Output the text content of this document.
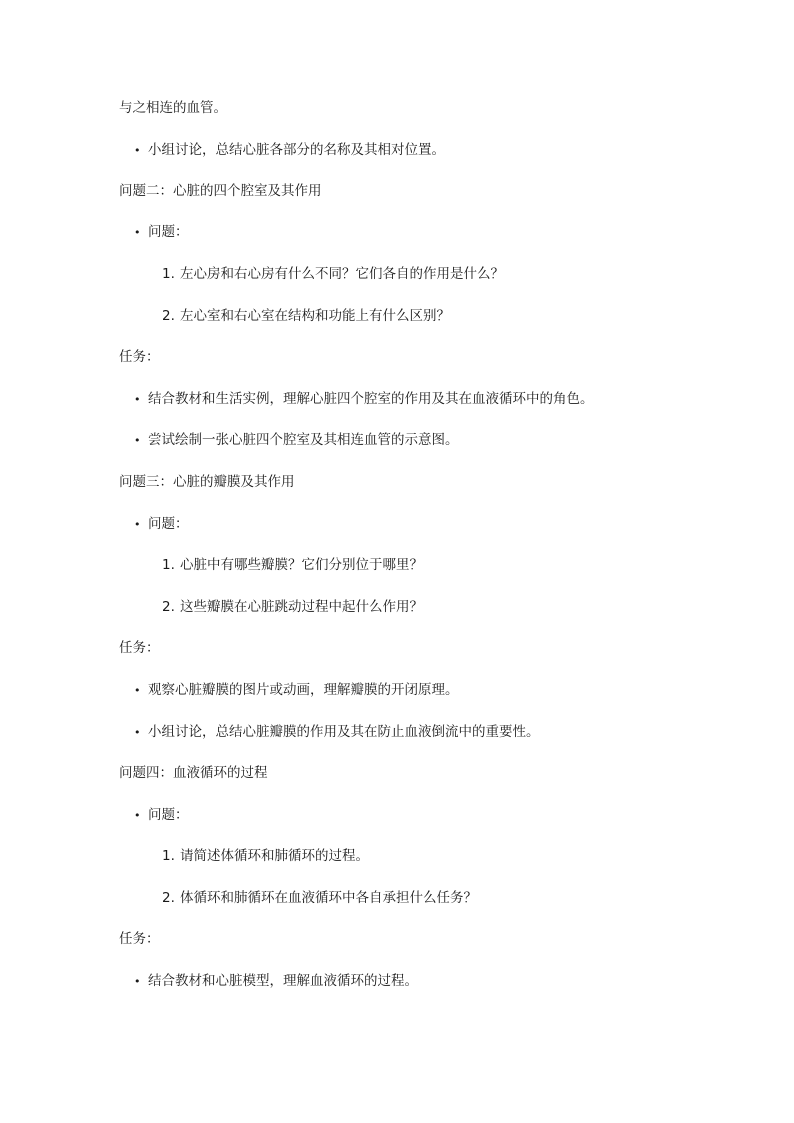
与之相连的血管。
• 小组讨论，总结心脏各部分的名称及其相对位置。
问题二：心脏的四个腔室及其作用
• 问题：
1. 左心房和右心房有什么不同？它们各自的作用是什么？
2. 左心室和右心室在结构和功能上有什么区别？
任务：
• 结合教材和生活实例，理解心脏四个腔室的作用及其在血液循环中的角色。
• 尝试绘制一张心脏四个腔室及其相连血管的示意图。
问题三：心脏的瓣膜及其作用
• 问题：
1. 心脏中有哪些瓣膜？它们分别位于哪里？
2. 这些瓣膜在心脏跳动过程中起什么作用？
任务：
• 观察心脏瓣膜的图片或动画，理解瓣膜的开闭原理。
• 小组讨论，总结心脏瓣膜的作用及其在防止血液倒流中的重要性。
问题四：血液循环的过程
• 问题：
1. 请简述体循环和肺循环的过程。
2. 体循环和肺循环在血液循环中各自承担什么任务？
任务：
• 结合教材和心脏模型，理解血液循环的过程。
